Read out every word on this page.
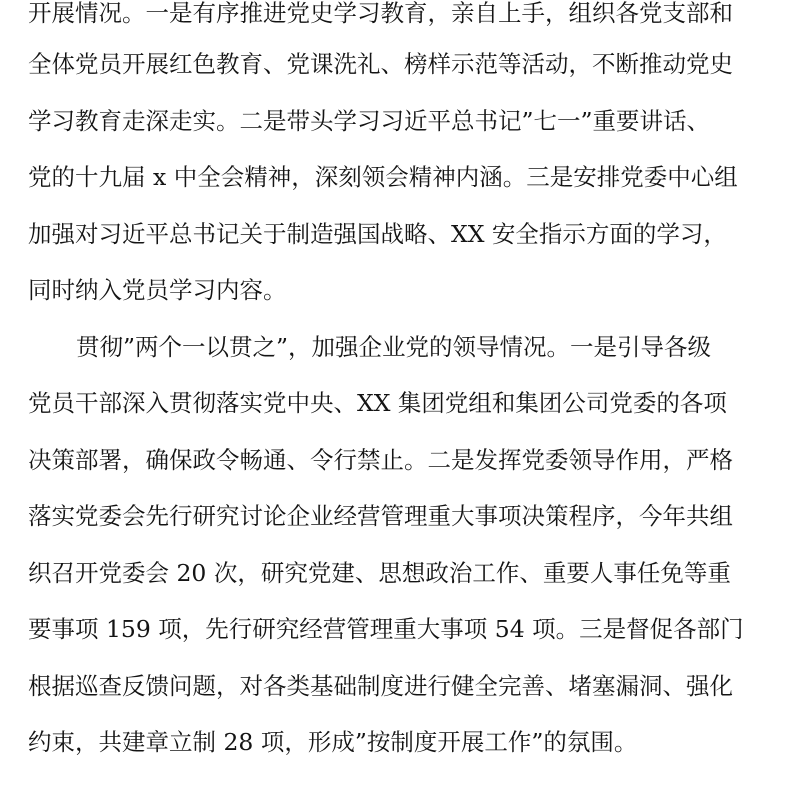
开展情况。一是有序推进党史学习教育，亲自上手，组织各党支部和
全体党员开展红色教育、党课洗礼、榜样示范等活动，不断推动党史
学习教育走深走实。二是带头学习习近平总书记”七一”重要讲话、
党的十九届 x 中全会精神，深刻领会精神内涵。三是安排党委中心组
加强对习近平总书记关于制造强国战略、XX 安全指示方面的学习，
同时纳入党员学习内容。
贯彻”两个一以贯之”，加强企业党的领导情况。一是引导各级
党员干部深入贯彻落实党中央、XX 集团党组和集团公司党委的各项
决策部署，确保政令畅通、令行禁止。二是发挥党委领导作用，严格
落实党委会先行研究讨论企业经营管理重大事项决策程序，今年共组
织召开党委会 20 次，研究党建、思想政治工作、重要人事任免等重
要事项 159 项，先行研究经营管理重大事项 54 项。三是督促各部门
根据巡查反馈问题，对各类基础制度进行健全完善、堵塞漏洞、强化
约束，共建章立制 28 项，形成”按制度开展工作”的氛围。
